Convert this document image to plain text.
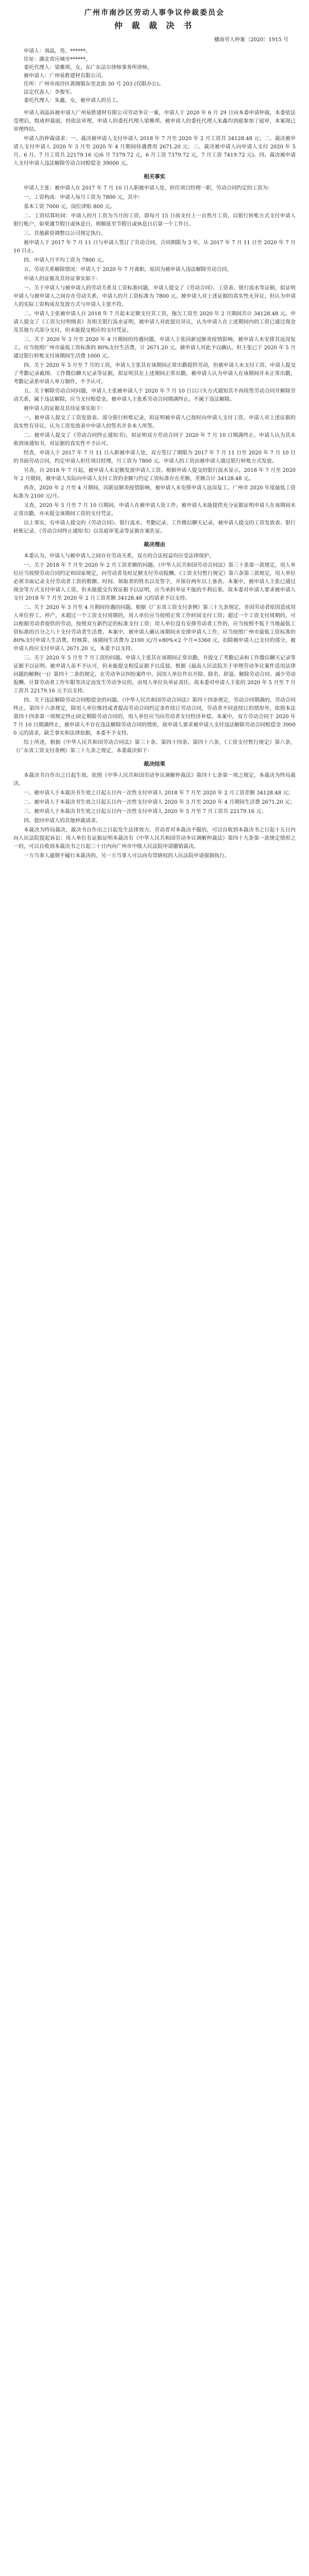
广州市南沙区劳动人事争议仲裁委员会
仲 裁 裁 决 书
穗南劳人仲案〔2020〕1915 号

申请人：刘晶，男，******。

住址：湖北省应城市******。

委托代理人：梁雅琪，女，东广东法尔律师事务所律师。

被申请人：广州易胜建材有限公司。

住所：广州市南沙区黄阁镇东里北街 30 号 203 (仅限办公)。

法定代表人：李俊军。

委托代理人：朱鑫，女，被申请人的员工。

申请人刘晶诉被申请人广州易胜建材有限公司劳动争议一案，申请人于 2020 年 6 月 29 日向本委申请仲裁，本委依法受理后，组成仲裁庭，经依法审理，申请人的委托代理人梁雅琪、被申请人的委托代理人朱鑫均到庭参加了庭审，本案现已审理终结。

申请人的仲裁请求：一、裁决被申请人支付申请人 2018 年 7 月至 2020 年 2 月工资共 34128.48 元；二、裁决被申请人支付申请人 2020 年 3 月至 2020 年 4 月期间待遇费用 2671.20 元；三、裁决被申请人向申请人支付 2020 年 5 月、6 月、7 月工资共 22179.16 元(6 月 7379.72 元，6 月工资 7379.72 元，7 月工资 7419.72 元)。四、裁决被申请人支付申请人违法解除劳动合同赔偿金 39000 元。

相关事实

申请人主张：被申请人在 2017 年 7 月 10 日入职被申请人处，担任项目经理一职，劳动合同约定的工资为：

一、工资构成：申请人每月工资为 7800 元，其中：

基本工资 7000 元，岗位津贴 800 元。

二、工资结算时间：申请人的月工资为当月的工资，即每月 15 日前支付上一自然月工资，以银行转账方式支付申请人银行账户，如果遇节假日或休息日，则顺延至节假日或休息日后第一个工作日。

三、其他薪资调整以公司规定执行。

被申请人于 2017 年 7 月 11 日与申请人签订了劳动合同，合同期限为 3 年，从 2017 年 7 月 11 日至 2020 年 7 月 10 日止。

四、申请人月平均工资为 7800 元。

五、劳动关系解除情况：申请人于 2020 年 7 月离职，原因为被申请人违法解除劳动合同。

申请人的证据及其待证事实如下：

一、关于申请人与被申请人的劳动关系及工资标准问题，申请人提交了《劳动合同》、工资表、银行流水等证据，拟证明申请人与被申请人之间存在劳动关系，申请人的月工资标准为 7800 元。被申请人对上述证据的真实性无异议，但认为申请人的实际工资构成及发放方式与申请人主张不符。

二、申请人主张被申请人自 2018 年 7 月起未足额支付其工资，拖欠工资至 2020 年 2 月期间共计 34128.48 元。申请人提交了《工资欠付明细表》及相关银行流水证明，被申请人对此提出异议，认为申请人在上述期间内的工资已通过现金及其他方式部分支付，但未能提交相应的支付凭证。

三、关于 2020 年 3 月至 2020 年 4 月期间的待遇问题，申请人主张因新冠肺炎疫情影响，被申请人未安排其返岗复工，应当按照广州市最低工资标准的 80%支付生活费，计 2671.20 元。被申请人对此予以确认，但主张已于 2020 年 5 月通过银行转账支付该期间生活费 1000 元。

四、关于 2020 年 5 月至 7 月的工资，申请人主张其在该期间正常出勤提供劳动，但被申请人未支付工资。申请人提交了考勤记录截图、工作微信聊天记录等证据，拟证明其在上述期间正常出勤。被申请人认为申请人在该期间并未正常出勤，考勤记录系申请人单方制作，不予认可。

五、关于解除劳动合同问题，申请人主张被申请人于 2020 年 7 月 10 日以口头方式通知其不再续签劳动合同并解除劳动关系，属于违法解除，应当支付赔偿金。被申请人主张系劳动合同期满终止，不属于违法解除。

被申请人的证据及其待证事实如下：

一、被申请人提交了工资发放表、部分银行转账记录，拟证明被申请人已按时向申请人支付工资。申请人对上述证据的真实性有异议，认为工资发放表中申请人的签名并非本人所签。

二、被申请人提交了《劳动合同终止通知书》，拟证明双方劳动合同于 2020 年 7 月 10 日期满终止。申请人认为其未收到该通知书，对证据的真实性不予认可。

经查，申请人于 2017 年 7 月 11 日入职被申请人处，双方签订了期限为 2017 年 7 月 11 日至 2020 年 7 月 10 日的书面劳动合同，约定申请人担任项目经理，月工资为 7800 元。申请人的工资由被申请人通过银行转账方式发放。

另查，自 2018 年 7 月起，被申请人未足额发放申请人工资。根据申请人提交的银行流水显示，2018 年 7 月至 2020 年 2 月期间，被申请人实际向申请人支付工资的金额与约定工资标准存在差额，差额合计 34128.48 元。

再查，2020 年 2 月至 4 月期间，因新冠肺炎疫情影响，被申请人未安排申请人返岗复工。广州市 2020 年度最低工资标准为 2100 元/月。

又查，2020 年 5 月至 7 月 10 日期间，申请人在被申请人处工作。被申请人未能提供充分证据证明申请人在该期间未正常出勤，亦未提交该期间工资的支付凭证。

以上事实，有申请人提交的《劳动合同》、银行流水、考勤记录、工作微信聊天记录，被申请人提交的工资发放表、银行转账记录、《劳动合同终止通知书》以及庭审笔录等证据在案佐证。

裁决理由

本委认为，申请人与被申请人之间存在劳动关系，双方的合法权益均应受法律保护。

一、关于 2018 年 7 月至 2020 年 2 月工资差额的问题。《中华人民共和国劳动合同法》第三十条第一款规定，用人单位应当按照劳动合同约定和国家规定，向劳动者及时足额支付劳动报酬。《工资支付暂行规定》第六条第三款规定，用人单位必须书面记录支付劳动者工资的数额、时间、领取者的姓名以及签字，并保存两年以上备查。本案中，被申请人主张已通过现金等方式支付申请人工资，但未能提交有效证据予以证明，应当承担举证不能的不利后果。故本委对申请人要求被申请人支付 2018 年 7 月至 2020 年 2 月工资差额 34128.48 元的请求予以支持。

二、关于 2020 年 3 月至 4 月期间待遇的问题。根据《广东省工资支付条例》第三十九条规定，非因劳动者原因造成用人单位停工、停产，未超过一个工资支付周期的，用人单位应当按照正常工作时间支付工资；超过一个工资支付周期的，可以根据劳动者提供的劳动，按照双方新约定的标准支付工资；用人单位没有安排劳动者工作的，应当按照不低于当地最低工资标准的百分之八十支付劳动者生活费。本案中，被申请人确认该期间未安排申请人工作，应当按照广州市最低工资标准的 80%支付申请人生活费。经核算，该期间生活费为 2100 元/月×80%×2 个月=3360 元，扣除被申请人已支付的部分，被申请人尚应支付申请人 2671.20 元，本委予以支持。

三、关于 2020 年 5 月至 7 月工资的问题。申请人主张其在该期间正常出勤，并提交了考勤记录和工作微信聊天记录等证据予以证明。被申请人虽不予认可，但未能提交相反证据予以反驳。根据《最高人民法院关于审理劳动争议案件适用法律问题的解释(一)》第四十二条的规定，在劳动争议纠纷案件中，因用人单位作出开除、除名、辞退、解除劳动合同、减少劳动报酬、计算劳动者工作年限等决定而发生劳动争议的，由用人单位负举证责任。故本委对申请人主张的 2020 年 5 月至 7 月工资共 22179.16 元予以支持。

四、关于违法解除劳动合同赔偿金的问题。《中华人民共和国劳动合同法》第四十四条规定，劳动合同期满的，劳动合同终止。第四十六条规定，除用人单位维持或者提高劳动合同约定条件续订劳动合同，劳动者不同意续订的情形外，依照本法第四十四条第一项规定终止固定期限劳动合同的，用人单位应当向劳动者支付经济补偿。本案中，双方劳动合同于 2020 年 7 月 10 日期满终止，被申请人不存在违法解除劳动合同的情形，故申请人要求被申请人支付违法解除劳动合同赔偿金 39000 元的请求，缺乏事实和法律依据，本委不予支持。

综上所述，根据《中华人民共和国劳动合同法》第三十条、第四十四条、第四十六条，《工资支付暂行规定》第六条，《广东省工资支付条例》第三十九条之规定，本委裁决如下：

裁决结果

本裁决书自作出之日起生效。依照《中华人民共和国劳动争议调解仲裁法》第四十七条第一项之规定，本裁决为终局裁决。

一、被申请人于本裁决书生效之日起五日内一次性支付申请人 2018 年 7 月至 2020 年 2 月工资差额 34128.48 元；

二、被申请人于本裁决书生效之日起五日内一次性支付申请人 2020 年 3 月至 2020 年 4 月期间生活费 2671.20 元；

三、被申请人于本裁决书生效之日起五日内一次性支付申请人 2020 年 5 月至 7 月工资共 22179.16 元；

四、驳回申请人的其他仲裁请求。

本裁决为终局裁决，裁决书自作出之日起发生法律效力。劳动者对本裁决不服的，可以自收到本裁决书之日起十五日内向人民法院提起诉讼；用人单位有证据证明本裁决有《中华人民共和国劳动争议调解仲裁法》第四十九条第一款规定情形之一的，可以自收到本裁决书之日起三十日内向广州市中级人民法院申请撤销裁决。

一方当事人逾期不履行本裁决的，另一方当事人可以向有管辖权的人民法院申请强制执行。
